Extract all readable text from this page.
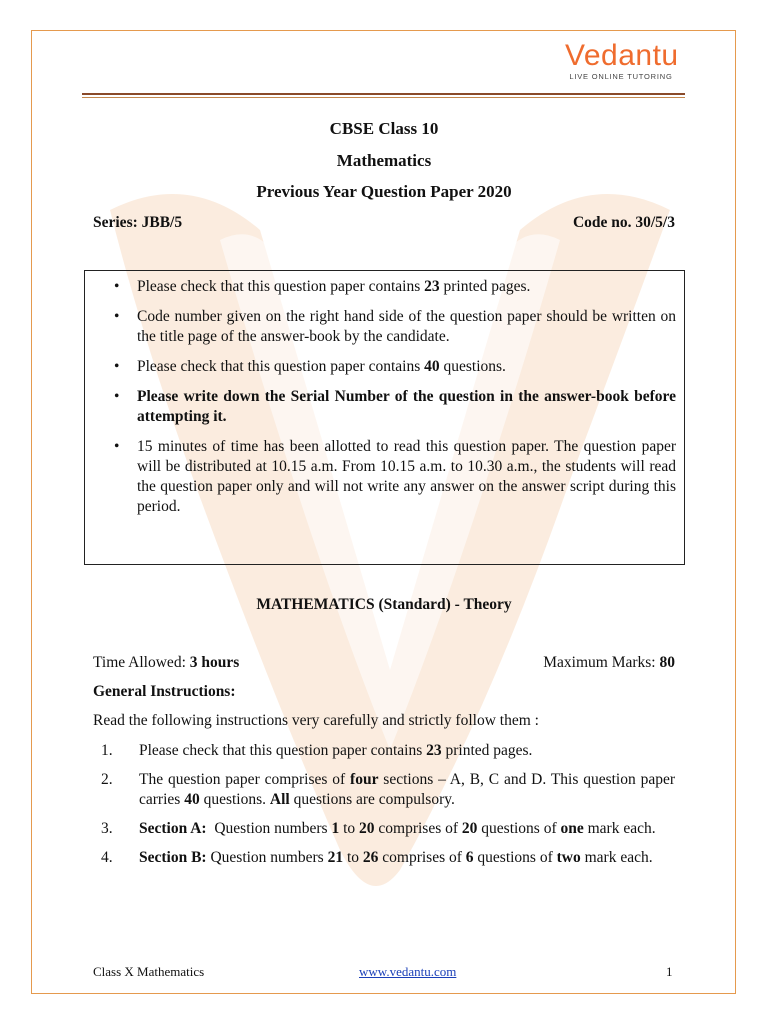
Vedantu
LIVE ONLINE TUTORING
CBSE Class 10
Mathematics
Previous Year Question Paper 2020
Series: JBB/5	Code no. 30/5/3
• Please check that this question paper contains 23 printed pages.
• Code number given on the right hand side of the question paper should be written on the title page of the answer-book by the candidate.
• Please check that this question paper contains 40 questions.
• Please write down the Serial Number of the question in the answer-book before attempting it.
• 15 minutes of time has been allotted to read this question paper. The question paper will be distributed at 10.15 a.m. From 10.15 a.m. to 10.30 a.m., the students will read the question paper only and will not write any answer on the answer script during this period.
MATHEMATICS (Standard) - Theory
Time Allowed: 3 hours	Maximum Marks: 80
General Instructions:
Read the following instructions very carefully and strictly follow them :
1. Please check that this question paper contains 23 printed pages.
2. The question paper comprises of four sections – A, B, C and D. This question paper carries 40 questions. All questions are compulsory.
3. Section A:  Question numbers 1 to 20 comprises of 20 questions of one mark each.
4. Section B: Question numbers 21 to 26 comprises of 6 questions of two mark each.
Class X Mathematics	www.vedantu.com	1
